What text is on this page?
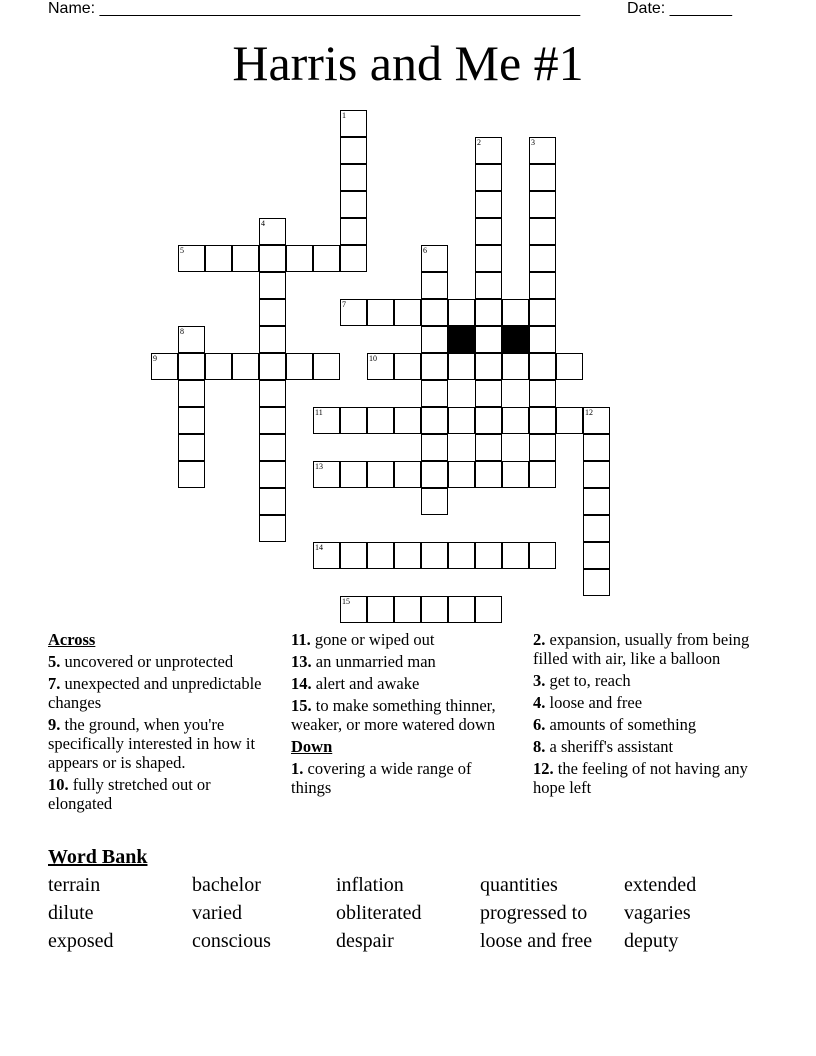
Name: ______________________________________________________	Date: _______
Harris and Me #1
1
2	3
4
5	6
7
8
9	10
11	12
13
14
15
Across
5. uncovered or unprotected
7. unexpected and unpredictable changes
9. the ground, when you're specifically interested in how it appears or is shaped.
10. fully stretched out or elongated
11. gone or wiped out
13. an unmarried man
14. alert and awake
15. to make something thinner, weaker, or more watered down
Down
1. covering a wide range of things
2. expansion, usually from being filled with air, like a balloon
3. get to, reach
4. loose and free
6. amounts of something
8. a sheriff's assistant
12. the feeling of not having any hope left
Word Bank
terrain	bachelor	inflation	quantities	extended
dilute	varied	obliterated	progressed to	vagaries
exposed	conscious	despair	loose and free	deputy
